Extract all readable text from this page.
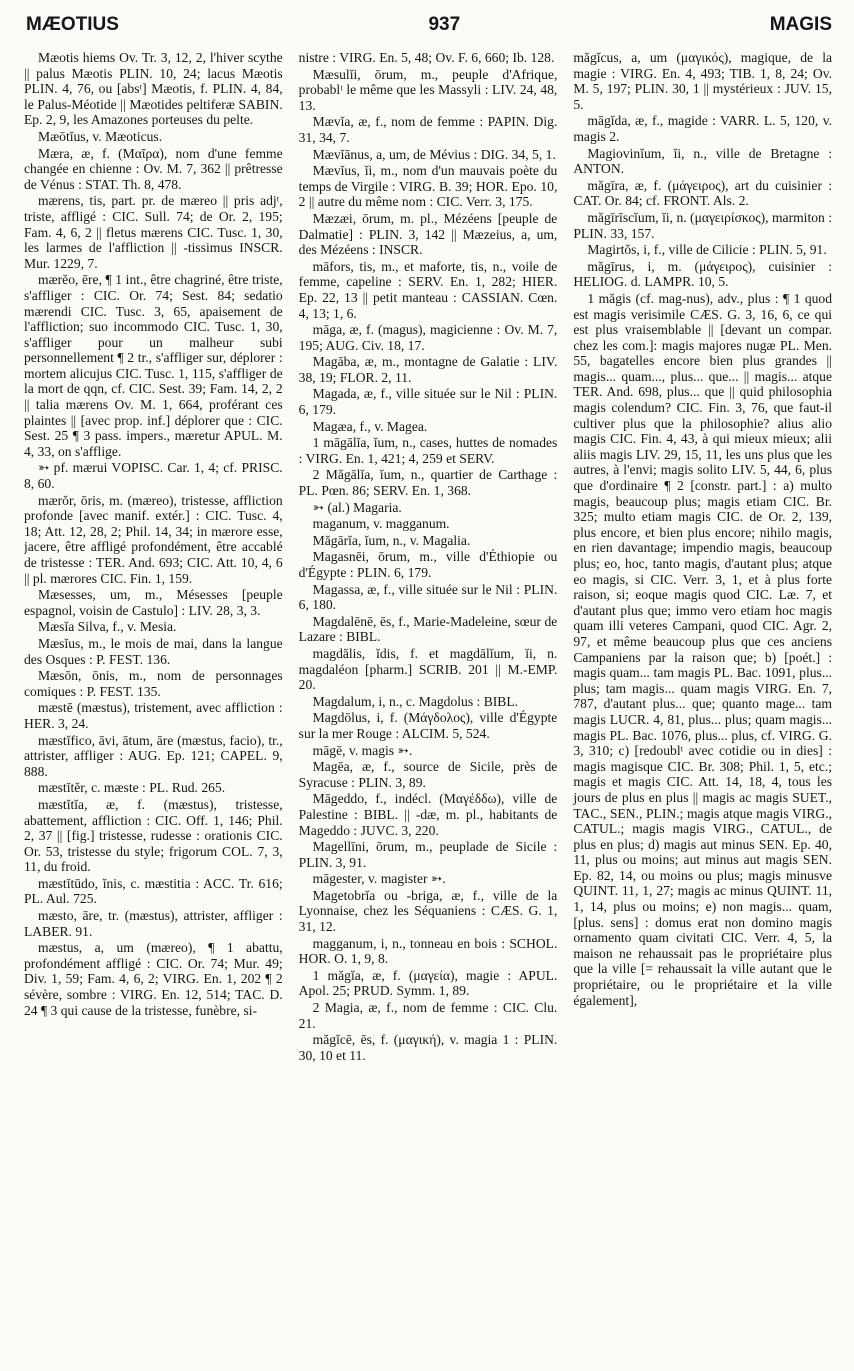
MÆOTIUS	937	MAGIS

Mæotis hiems Ov. Tr. 3, 12, 2, l'hiver scythe || palus Mæotis PLIN. 10, 24; lacus Mæotis PLIN. 4, 76, ou [absᵗ] Mæotis, f. PLIN. 4, 84, le Palus-Méotide || Mæotides peltiferæ SABIN. Ep. 2, 9, les Amazones porteuses du pelte.

Mæōtĭus, v. Mæoticus.

Mæra, æ, f. (Μαῖρα), nom d'une femme changée en chienne : Ov. M. 7, 362 || prêtresse de Vénus : STAT. Th. 8, 478.

mærens, tis, part. pr. de mæreo || pris adjᵗ, triste, affligé : CIC. Sull. 74; de Or. 2, 195; Fam. 4, 6, 2 || fletus mærens CIC. Tusc. 1, 30, les larmes de l'affliction || -tissimus INSCR. Mur. 1229, 7.

mærĕo, ēre, ¶ 1 int., être chagriné, être triste, s'affliger : CIC. Or. 74; Sest. 84; sedatio mærendi CIC. Tusc. 3, 65, apaisement de l'affliction; suo incommodo CIC. Tusc. 1, 30, s'affliger pour un malheur subi personnellement ¶ 2 tr., s'affliger sur, déplorer : mortem alicujus CIC. Tusc. 1, 115, s'affliger de la mort de qqn, cf. CIC. Sest. 39; Fam. 14, 2, 2 || talia mærens Ov. M. 1, 664, proférant ces plaintes || [avec prop. inf.] déplorer que : CIC. Sest. 25 ¶ 3 pass. impers., mæretur APUL. M. 4, 33, on s'afflige.

➳ pf. mærui VOPISC. Car. 1, 4; cf. PRISC. 8, 60.

mærŏr, ōris, m. (mæreo), tristesse, affliction profonde [avec manif. extér.] : CIC. Tusc. 4, 18; Att. 12, 28, 2; Phil. 14, 34; in mærore esse, jacere, être affligé profondément, être accablé de tristesse : TER. And. 693; CIC. Att. 10, 4, 6 || pl. mærores CIC. Fin. 1, 159.

Mæsesses, um, m., Mésesses [peuple espagnol, voisin de Castulo] : LIV. 28, 3, 3.

Mæsĭa Silva, f., v. Mesia.

Mæsĭus, m., le mois de mai, dans la langue des Osques : P. FEST. 136.

Mæsōn, ōnis, m., nom de personnages comiques : P. FEST. 135.

mæstē (mæstus), tristement, avec affliction : HER. 3, 24.

mæstĭfico, āvi, ātum, āre (mæstus, facio), tr., attrister, affliger : AUG. Ep. 121; CAPEL. 9, 888.

mæstĭtĕr, c. mæste : PL. Rud. 265.

mæstĭtĭa, æ, f. (mæstus), tristesse, abattement, affliction : CIC. Off. 1, 146; Phil. 2, 37 || [fig.] tristesse, rudesse : orationis CIC. Or. 53, tristesse du style; frigorum COL. 7, 3, 11, du froid.

mæstĭtūdo, ĭnis, c. mæstitia : ACC. Tr. 616; PL. Aul. 725.

mæsto, āre, tr. (mæstus), attrister, affliger : LABER. 91.

mæstus, a, um (mæreo), ¶ 1 abattu, profondément affligé : CIC. Or. 74; Mur. 49; Div. 1, 59; Fam. 4, 6, 2; VIRG. En. 1, 202 ¶ 2 sévère, sombre : VIRG. En. 12, 514; TAC. D. 24 ¶ 3 qui cause de la tristesse, funèbre, si-

nistre : VIRG. En. 5, 48; Ov. F. 6, 660; Ib. 128.

Mæsulĭi, ōrum, m., peuple d'Afrique, probablᵗ le même que les Massyli : LIV. 24, 48, 13.

Mævĭa, æ, f., nom de femme : PAPIN. Dig. 31, 34, 7.

Mævĭānus, a, um, de Mévius : DIG. 34, 5, 1.

Mævĭus, ĭi, m., nom d'un mauvais poète du temps de Virgile : VIRG. B. 39; HOR. Epo. 10, 2 || autre du même nom : CIC. Verr. 3, 175.

Mæzæi, ōrum, m. pl., Mézéens [peuple de Dalmatie] : PLIN. 3, 142 || Mæzeius, a, um, des Mézéens : INSCR.

māfors, tis, m., et maforte, tis, n., voile de femme, capeline : SERV. En. 1, 282; HIER. Ep. 22, 13 || petit manteau : CASSIAN. Cœn. 4, 13; 1, 6.

māga, æ, f. (magus), magicienne : Ov. M. 7, 195; AUG. Civ. 18, 17.

Magāba, æ, m., montagne de Galatie : LIV. 38, 19; FLOR. 2, 11.

Magada, æ, f., ville située sur le Nil : PLIN. 6, 179.

Magæa, f., v. Magea.

1 māgālĭa, ĭum, n., cases, huttes de nomades : VIRG. En. 1, 421; 4, 259 et SERV.

2 Măgālĭa, ĭum, n., quartier de Carthage : PL. Pœn. 86; SERV. En. 1, 368.

➳ (al.) Magaria.

maganum, v. magganum.

Măgārĭa, ĭum, n., v. Magalia.

Magasnēi, ōrum, m., ville d'Éthiopie ou d'Égypte : PLIN. 6, 179.

Magassa, æ, f., ville située sur le Nil : PLIN. 6, 180.

Magdalēnē, ēs, f., Marie-Madeleine, sœur de Lazare : BIBL.

magdălis, ĭdis, f. et magdālĭum, ĭi, n. magdaléon [pharm.] SCRIB. 201 || M.-EMP. 20.

Magdalum, i, n., c. Magdolus : BIBL.

Magdōlus, i, f. (Μάγδολος), ville d'Égypte sur la mer Rouge : ALCIM. 5, 524.

māgē, v. magis ➳.

Magēa, æ, f., source de Sicile, près de Syracuse : PLIN. 3, 89.

Māgeddo, f., indécl. (Μαγέδδω), ville de Palestine : BIBL. || -dæ, m. pl., habitants de Mageddo : JUVC. 3, 220.

Magellīni, ōrum, m., peuplade de Sicile : PLIN. 3, 91.

māgester, v. magister ➳.

Magetobrĭa ou -briga, æ, f., ville de la Lyonnaise, chez les Séquaniens : CÆS. G. 1, 31, 12.

magganum, i, n., tonneau en bois : SCHOL. HOR. O. 1, 9, 8.

1 măgĭa, æ, f. (μαγεία), magie : APUL. Apol. 25; PRUD. Symm. 1, 89.

2 Magia, æ, f., nom de femme : CIC. Clu. 21.

măgĭcē, ēs, f. (μαγική), v. magia 1 : PLIN. 30, 10 et 11.

măgĭcus, a, um (μαγικός), magique, de la magie : VIRG. En. 4, 493; TIB. 1, 8, 24; Ov. M. 5, 197; PLIN. 30, 1 || mystérieux : JUV. 15, 5.

māgĭda, æ, f., magide : VARR. L. 5, 120, v. magis 2.

Magiovinĭum, ĭi, n., ville de Bretagne : ANTON.

măgīra, æ, f. (μάγειρος), art du cuisinier : CAT. Or. 84; cf. FRONT. Als. 2.

măgīrīscĭum, ĭi, n. (μαγειρίσκος), marmiton : PLIN. 33, 157.

Magirtŏs, i, f., ville de Cilicie : PLIN. 5, 91.

măgīrus, i, m. (μάγειρος), cuisinier : HELIOG. d. LAMPR. 10, 5.

1 măgis (cf. mag-nus), adv., plus : ¶ 1 quod est magis verisimile CÆS. G. 3, 16, 6, ce qui est plus vraisemblable || [devant un compar. chez les com.]: magis majores nugæ PL. Men. 55, bagatelles encore bien plus grandes || magis... quam..., plus... que... || magis... atque TER. And. 698, plus... que || quid philosophia magis colendum? CIC. Fin. 3, 76, que faut-il cultiver plus que la philosophie? alius alio magis CIC. Fin. 4, 43, à qui mieux mieux; alii aliis magis LIV. 29, 15, 11, les uns plus que les autres, à l'envi; magis solito LIV. 5, 44, 6, plus que d'ordinaire ¶ 2 [constr. part.] : a) multo magis, beaucoup plus; magis etiam CIC. Br. 325; multo etiam magis CIC. de Or. 2, 139, plus encore, et bien plus encore; nihilo magis, en rien davantage; impendio magis, beaucoup plus; eo, hoc, tanto magis, d'autant plus; atque eo magis, si CIC. Verr. 3, 1, et à plus forte raison, si; eoque magis quod CIC. Læ. 7, et d'autant plus que; immo vero etiam hoc magis quam illi veteres Campani, quod CIC. Agr. 2, 97, et même beaucoup plus que ces anciens Campaniens par la raison que; b) [poét.] : magis quam... tam magis PL. Bac. 1091, plus... plus; tam magis... quam magis VIRG. En. 7, 787, d'autant plus... que; quanto mage... tam magis LUCR. 4, 81, plus... plus; quam magis... magis PL. Bac. 1076, plus... plus, cf. VIRG. G. 3, 310; c) [redoublᵗ avec cotidie ou in dies] : magis magisque CIC. Br. 308; Phil. 1, 5, etc.; magis et magis CIC. Att. 14, 18, 4, tous les jours de plus en plus || magis ac magis SUET., TAC., SEN., PLIN.; magis atque magis VIRG., CATUL.; magis magis VIRG., CATUL., de plus en plus; d) magis aut minus SEN. Ep. 40, 11, plus ou moins; aut minus aut magis SEN. Ep. 82, 14, ou moins ou plus; magis minusve QUINT. 11, 1, 27; magis ac minus QUINT. 11, 1, 14, plus ou moins; e) non magis... quam, [plus. sens] : domus erat non domino magis ornamento quam civitati CIC. Verr. 4, 5, la maison ne rehaussait pas le propriétaire plus que la ville [= rehaussait la ville autant que le propriétaire, ou le propriétaire et la ville également],
